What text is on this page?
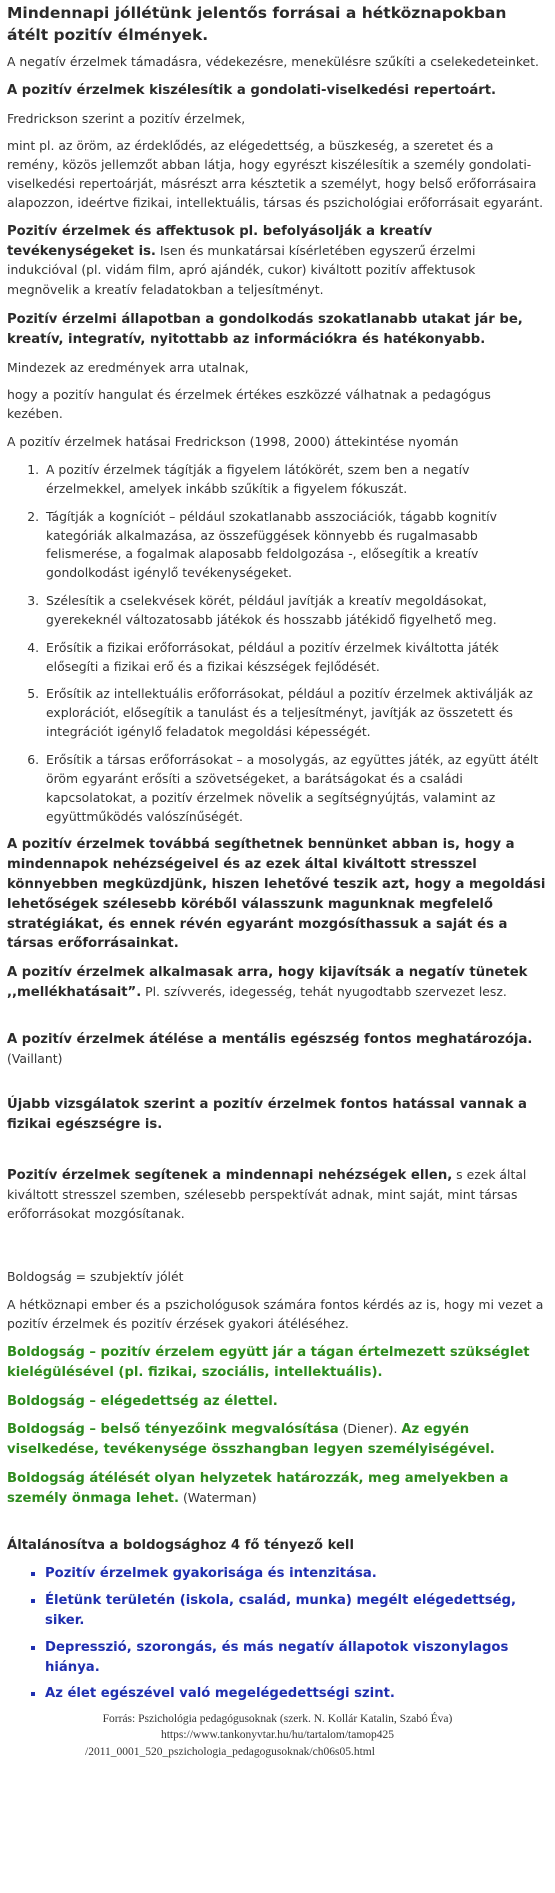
Mindennapi jóllétünk jelentős forrásai a hétköznapokban átélt pozitív élmények.

A negatív érzelmek támadásra, védekezésre, menekülésre szűkíti a cselekedeteinket.

A pozitív érzelmek kiszélesítik a gondolati-viselkedési repertoárt.

Fredrickson szerint a pozitív érzelmek,

mint pl. az öröm, az érdeklődés, az elégedettség, a büszkeség, a szeretet és a remény, közös jellemzőt abban látja, hogy egyrészt kiszélesítik a személy gondolati-viselkedési repertoárját, másrészt arra késztetik a személyt, hogy belső erőforrásaira alapozzon, ideértve fizikai, intellektuális, társas és pszichológiai erőforrásait egyaránt.

Pozitív érzelmek és affektusok pl. befolyásolják a kreatív tevékenységeket is. Isen és munkatársai kísérletében egyszerű érzelmi indukcióval (pl. vidám film, apró ajándék, cukor) kiváltott pozitív affektusok megnövelik a kreatív feladatokban a teljesítményt.

Pozitív érzelmi állapotban a gondolkodás szokatlanabb utakat jár be, kreatív, integratív, nyitottabb az információkra és hatékonyabb.

Mindezek az eredmények arra utalnak,

hogy a pozitív hangulat és érzelmek értékes eszközzé válhatnak a pedagógus kezében.

A pozitív érzelmek hatásai Fredrickson (1998, 2000) áttekintése nyomán

1. A pozitív érzelmek tágítják a figyelem látókörét, szem ben a negatív érzelmekkel, amelyek inkább szűkítik a figyelem fókuszát.
2. Tágítják a kogníciót – például szokatlanabb asszociációk, tágabb kognitív kategóriák alkalmazása, az összefüggések könnyebb és rugalmasabb felismerése, a fogalmak alaposabb feldolgozása -, elősegítik a kreatív gondolkodást igénylő tevékenységeket.
3. Szélesítik a cselekvések körét, például javítják a kreatív megoldásokat, gyerekeknél változatosabb játékok és hosszabb játékidő figyelhető meg.
4. Erősítik a fizikai erőforrásokat, például a pozitív érzelmek kiváltotta játék elősegíti a fizikai erő és a fizikai készségek fejlődését.
5. Erősítik az intellektuális erőforrásokat, például a pozitív érzelmek aktiválják az explorációt, elősegítik a tanulást és a teljesítményt, javítják az összetett és integrációt igénylő feladatok megoldási képességét.
6. Erősítik a társas erőforrásokat – a mosolygás, az együttes játék, az együtt átélt öröm egyaránt erősíti a szövetségeket, a barátságokat és a családi kapcsolatokat, a pozitív érzelmek növelik a segítségnyújtás, valamint az együttműködés valószínűségét.

A pozitív érzelmek továbbá segíthetnek bennünket abban is, hogy a mindennapok nehézségeivel és az ezek által kiváltott stresszel könnyebben megküzdjünk, hiszen lehetővé teszik azt, hogy a megoldási lehetőségek szélesebb köréből válasszunk magunknak megfelelő stratégiákat, és ennek révén egyaránt mozgósíthassuk a saját és a társas erőforrásainkat.

A pozitív érzelmek alkalmasak arra, hogy kijavítsák a negatív tünetek ,,mellékhatásait”. Pl. szívverés, idegesség, tehát nyugodtabb szervezet lesz.

A pozitív érzelmek átélése a mentális egészség fontos meghatározója.
(Vaillant)

Újabb vizsgálatok szerint a pozitív érzelmek fontos hatással vannak a fizikai egészségre is.

Pozitív érzelmek segítenek a mindennapi nehézségek ellen, s ezek által kiváltott stresszel szemben, szélesebb perspektívát adnak, mint saját, mint társas erőforrásokat mozgósítanak.

Boldogság = szubjektív jólét

A hétköznapi ember és a pszichológusok számára fontos kérdés az is, hogy mi vezet a pozitív érzelmek és pozitív érzések gyakori átéléséhez.

Boldogság – pozitív érzelem együtt jár a tágan értelmezett szükséglet kielégülésével (pl. fizikai, szociális, intellektuális).

Boldogság – elégedettség az élettel.

Boldogság – belső tényezőink megvalósítása (Diener). Az egyén viselkedése, tevékenysége összhangban legyen személyiségével.

Boldogság átélését olyan helyzetek határozzák, meg amelyekben a személy önmaga lehet. (Waterman)

Általánosítva a boldogsághoz 4 fő tényező kell

▪ Pozitív érzelmek gyakorisága és intenzitása.
▪ Életünk területén (iskola, család, munka) megélt elégedettség, siker.
▪ Depresszió, szorongás, és más negatív állapotok viszonylagos hiánya.
▪ Az élet egészével való megelégedettségi szint.
Forrás: Pszichológia pedagógusoknak (szerk. N. Kollár Katalin, Szabó Éva)
https://www.tankonyvtar.hu/hu/tartalom/tamop425
/2011_0001_520_pszichologia_pedagogusoknak/ch06s05.html
